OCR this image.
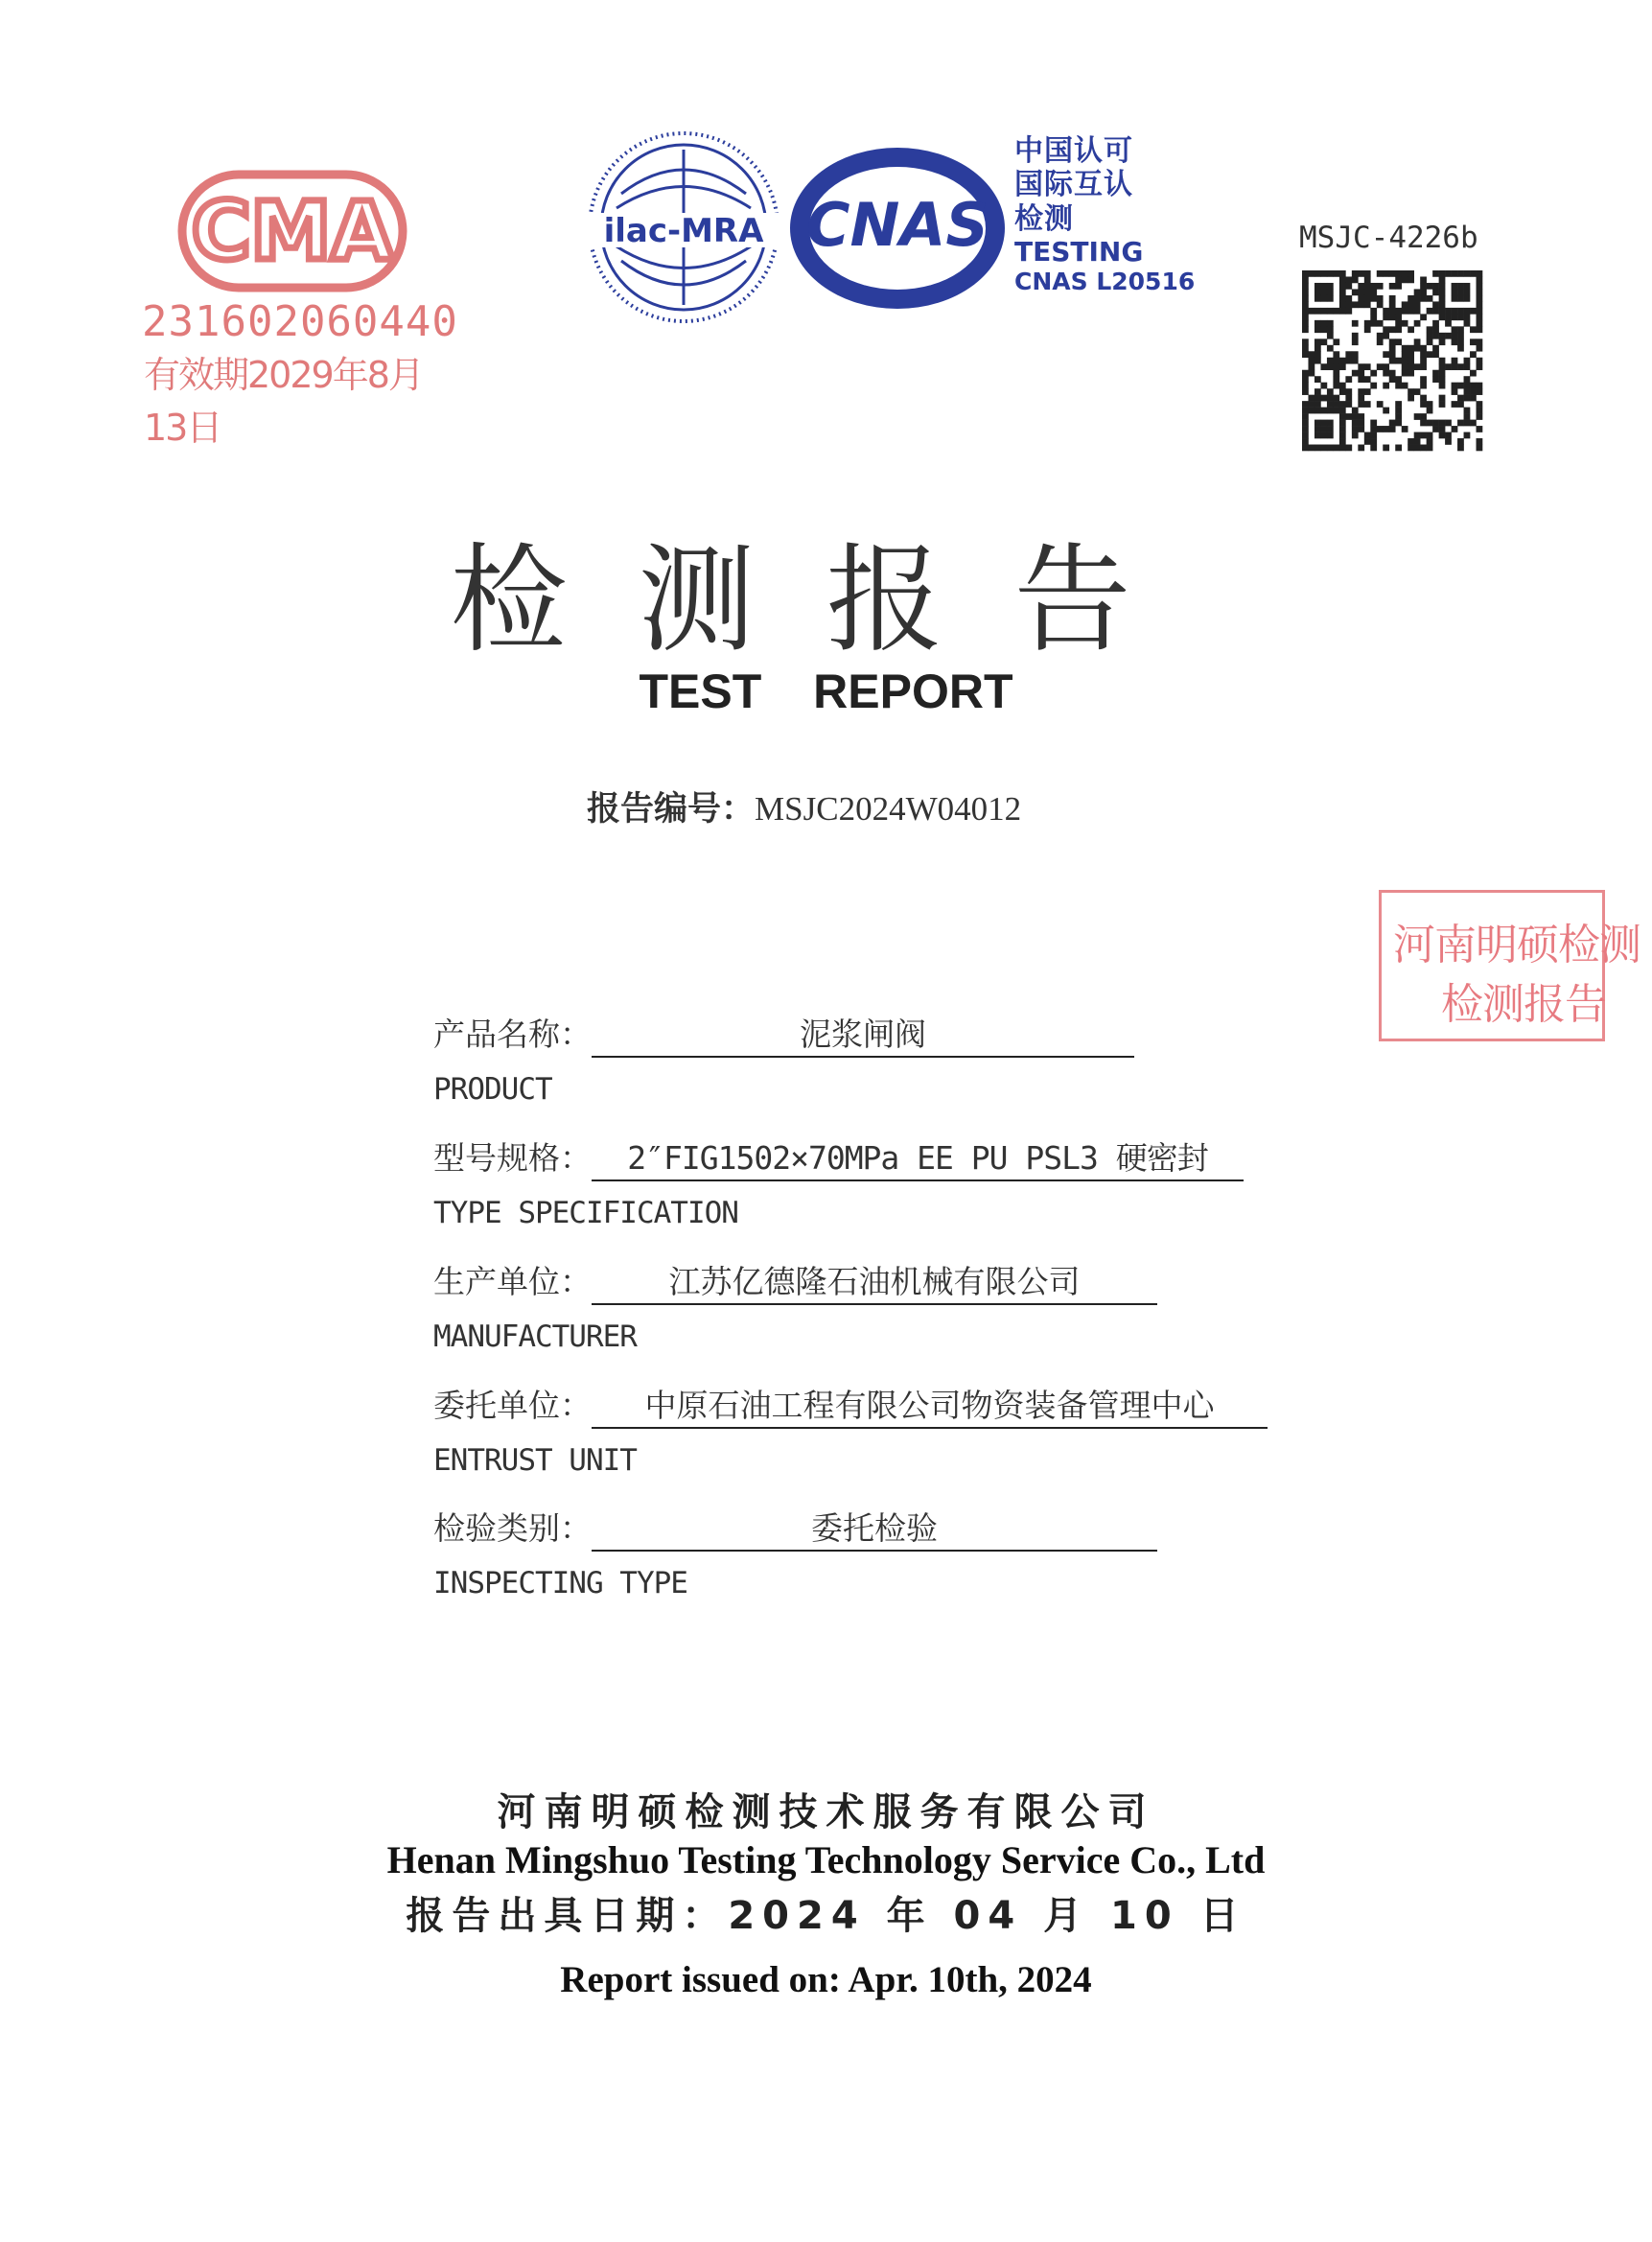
CMA
231602060440
有效期2029年8月13日
ilac-MRA CNAS
中国认可
国际互认
检测
TESTING
CNAS L20516
MSJC-4226b
检测报告
TEST REPORT
报告编号：MSJC2024W04012
河南明硕检测
检测报告
产品名称：	泥浆闸阀
PRODUCT
型号规格： 2″FIG1502×70MPa EE PU PSL3 硬密封
TYPE SPECIFICATION
生产单位： 江苏亿德隆石油机械有限公司
MANUFACTURER
委托单位： 中原石油工程有限公司物资装备管理中心
ENTRUST UNIT
检验类别：	委托检验
INSPECTING TYPE
河南明硕检测技术服务有限公司
Henan Mingshuo Testing Technology Service Co., Ltd
报告出具日期：2024 年 04 月 10 日
Report issued on: Apr. 10th, 2024
